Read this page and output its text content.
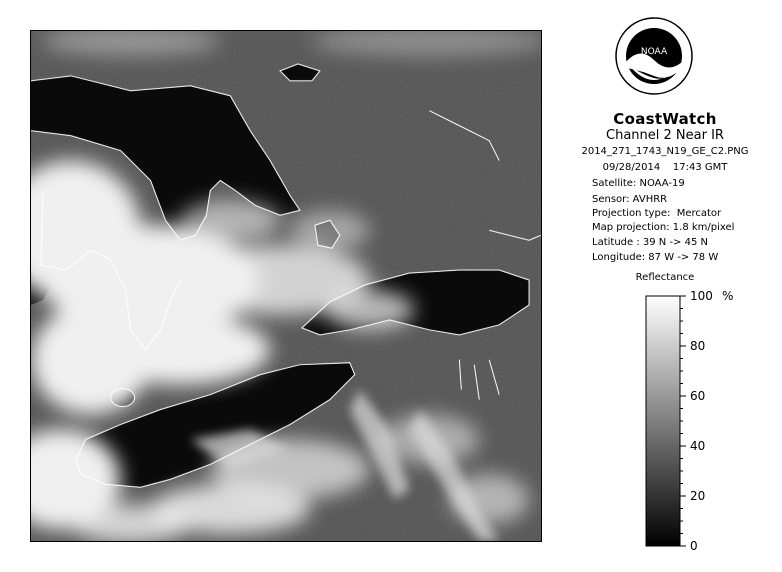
NOAA
CoastWatch
Channel 2 Near IR
2014_271_1743_N19_GE_C2.PNG
09/28/2014    17:43 GMT
Satellite: NOAA-19
Sensor: AVHRR
Projection type:  Mercator
Map projection: 1.8 km/pixel
Latitude : 39 N -> 45 N
Longitude: 87 W -> 78 W
Reflectance
0
20
40
60
80
100 %
